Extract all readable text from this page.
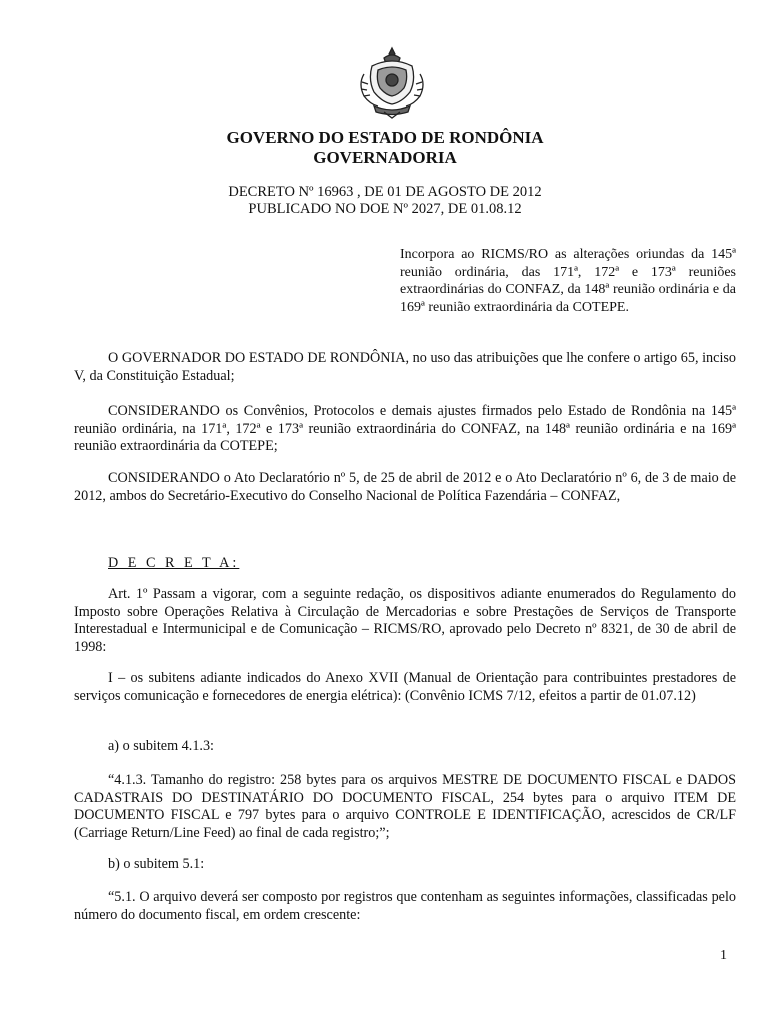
GOVERNO DO ESTADO DE RONDÔNIA
GOVERNADORIA
DECRETO Nº 16963 , DE 01 DE AGOSTO DE 2012
PUBLICADO NO DOE Nº 2027, DE 01.08.12
Incorpora ao RICMS/RO as alterações oriundas da 145ª reunião ordinária, das 171ª, 172ª e 173ª reuniões extraordinárias do CONFAZ, da 148ª reunião ordinária e da 169ª reunião extraordinária da COTEPE.
O GOVERNADOR DO ESTADO DE RONDÔNIA, no uso das atribuições que lhe confere o artigo 65, inciso V, da Constituição Estadual;
CONSIDERANDO os Convênios, Protocolos e demais ajustes firmados pelo Estado de Rondônia na 145ª reunião ordinária, na 171ª, 172ª e 173ª reunião extraordinária do CONFAZ, na 148ª reunião ordinária e na 169ª reunião extraordinária da COTEPE;
CONSIDERANDO o Ato Declaratório nº 5, de 25 de abril de 2012 e o Ato Declaratório nº 6, de 3 de maio de 2012, ambos do Secretário-Executivo do Conselho Nacional de Política Fazendária – CONFAZ,
D E C R E T A:
Art. 1º Passam a vigorar, com a seguinte redação, os dispositivos adiante enumerados do Regulamento do Imposto sobre Operações Relativa à Circulação de Mercadorias e sobre Prestações de Serviços de Transporte Interestadual e Intermunicipal e de Comunicação – RICMS/RO, aprovado pelo Decreto nº 8321, de 30 de abril de 1998:
I – os subitens adiante indicados do Anexo XVII (Manual de Orientação para contribuintes prestadores de serviços comunicação e fornecedores de energia elétrica): (Convênio ICMS 7/12, efeitos a partir de 01.07.12)
a) o subitem 4.1.3:
“4.1.3. Tamanho do registro: 258 bytes para os arquivos MESTRE DE DOCUMENTO FISCAL e DADOS CADASTRAIS DO DESTINATÁRIO DO DOCUMENTO FISCAL, 254 bytes para o arquivo ITEM DE DOCUMENTO FISCAL e 797 bytes para o arquivo CONTROLE E IDENTIFICAÇÃO, acrescidos de CR/LF (Carriage Return/Line Feed) ao final de cada registro;”;
b) o subitem 5.1:
“5.1. O arquivo deverá ser composto por registros que contenham as seguintes informações, classificadas pelo número do documento fiscal, em ordem crescente:
1
